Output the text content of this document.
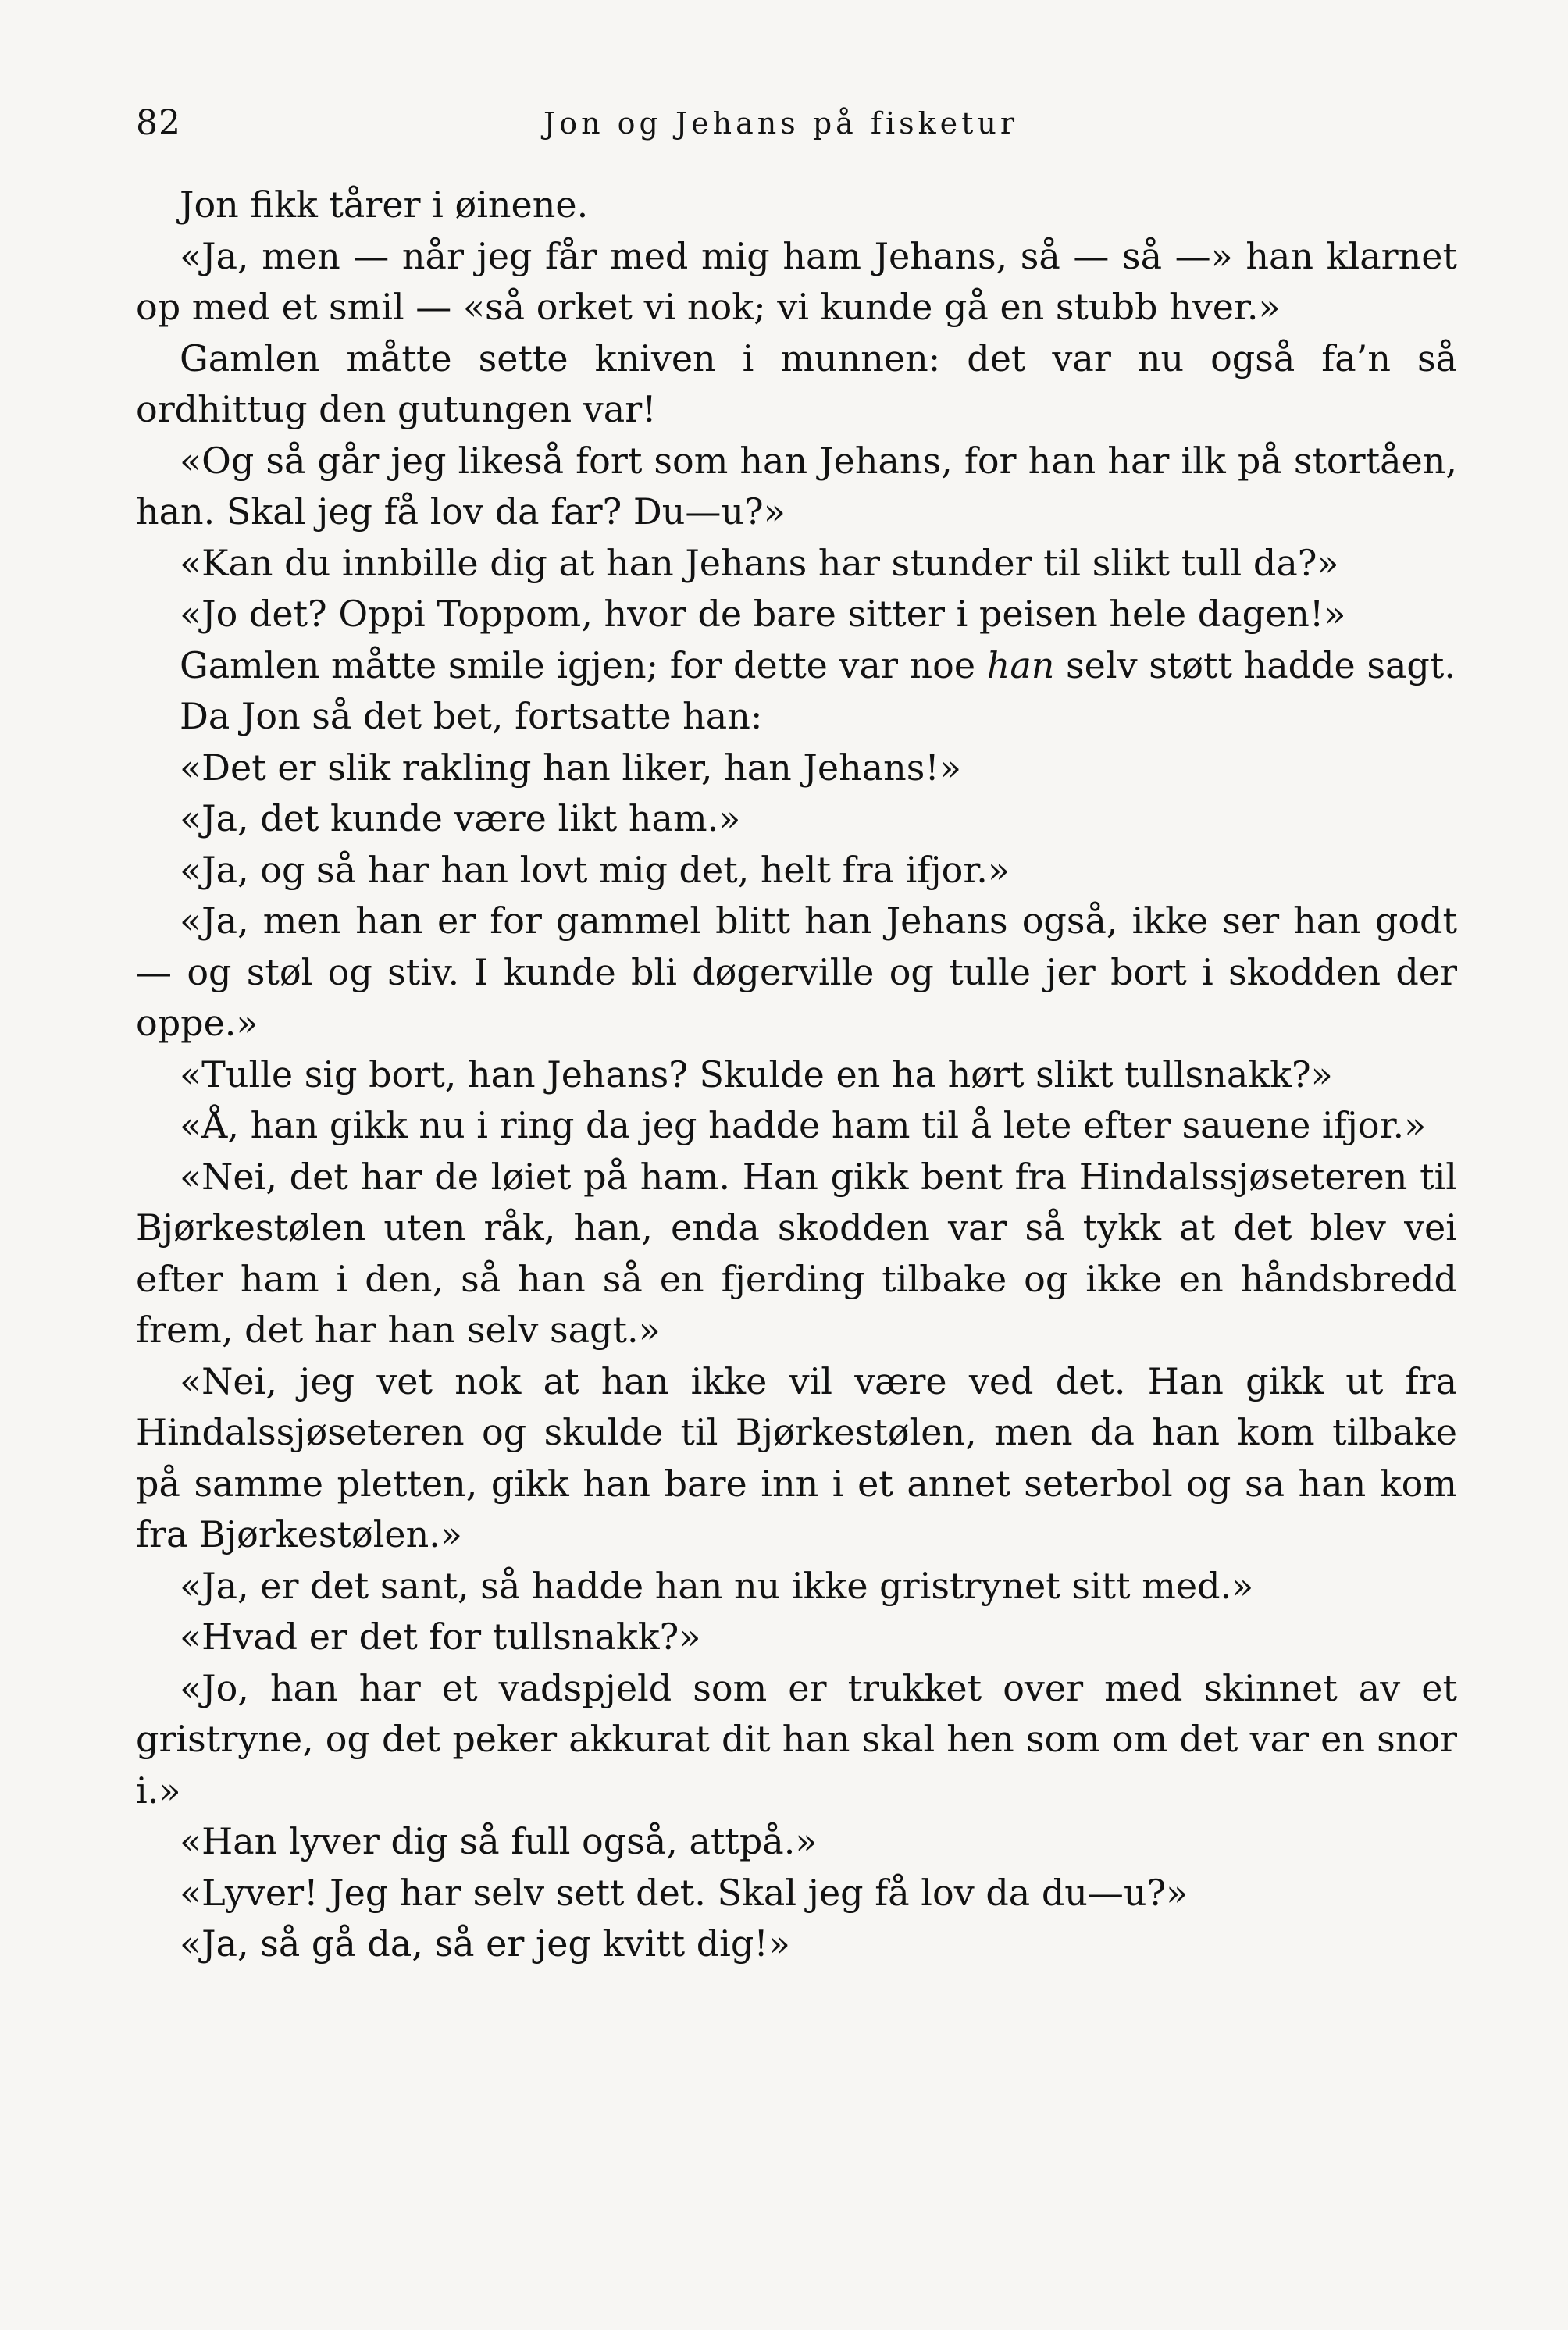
82	Jon og Jehans på fisketur

Jon fikk tårer i øinene.

«Ja, men — når jeg får med mig ham Jehans, så — så —» han klarnet op med et smil — «så orket vi nok; vi kunde gå en stubb hver.»

Gamlen måtte sette kniven i munnen: det var nu også fa’n så ordhittug den gutungen var!

«Og så går jeg likeså fort som han Jehans, for han har ilk på stortåen, han. Skal jeg få lov da far? Du—u?»

«Kan du innbille dig at han Jehans har stunder til slikt tull da?»

«Jo det? Oppi Toppom, hvor de bare sitter i peisen hele dagen!»

Gamlen måtte smile igjen; for dette var noe han selv støtt hadde sagt.

Da Jon så det bet, fortsatte han:

«Det er slik rakling han liker, han Jehans!»

«Ja, det kunde være likt ham.»

«Ja, og så har han lovt mig det, helt fra ifjor.»

«Ja, men han er for gammel blitt han Jehans også, ikke ser han godt — og støl og stiv. I kunde bli døgerville og tulle jer bort i skodden der oppe.»

«Tulle sig bort, han Jehans? Skulde en ha hørt slikt tullsnakk?»

«Å, han gikk nu i ring da jeg hadde ham til å lete efter sauene ifjor.»

«Nei, det har de løiet på ham. Han gikk bent fra Hindalssjøseteren til Bjørkestølen uten råk, han, enda skodden var så tykk at det blev vei efter ham i den, så han så en fjerding tilbake og ikke en håndsbredd frem, det har han selv sagt.»

«Nei, jeg vet nok at han ikke vil være ved det. Han gikk ut fra Hindalssjøseteren og skulde til Bjørkestølen, men da han kom tilbake på samme pletten, gikk han bare inn i et annet seterbol og sa han kom fra Bjørkestølen.»

«Ja, er det sant, så hadde han nu ikke gristrynet sitt med.»

«Hvad er det for tullsnakk?»

«Jo, han har et vadspjeld som er trukket over med skinnet av et gristryne, og det peker akkurat dit han skal hen som om det var en snor i.»

«Han lyver dig så full også, attpå.»

«Lyver! Jeg har selv sett det. Skal jeg få lov da du—u?»

«Ja, så gå da, så er jeg kvitt dig!»
